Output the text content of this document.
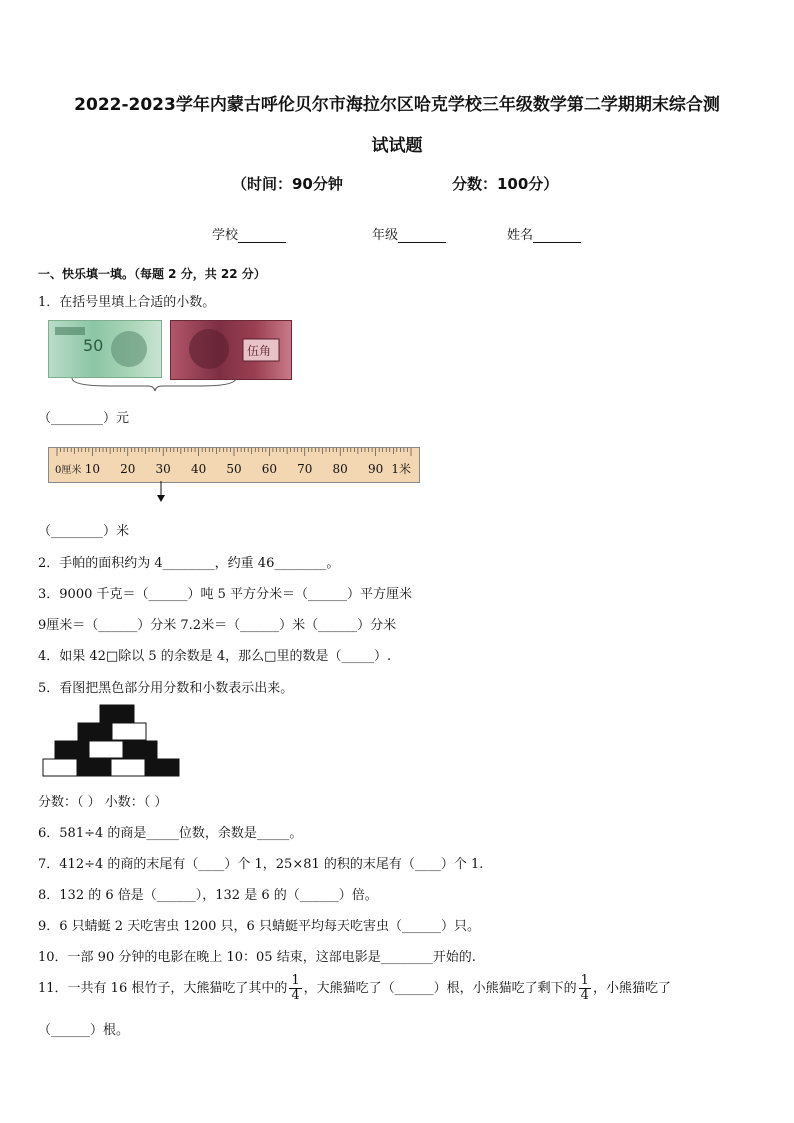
2022-2023学年内蒙古呼伦贝尔市海拉尔区哈克学校三年级数学第二学期期末综合测
试试题
（时间：90分钟	分数：100分）
学校	年级	姓名
一、快乐填一填。（每题 2 分，共 22 分）
1．在括号里填上合适的小数。
50	伍角
（________）元
0厘米 10 20 30 40 50 60 70 80 90 1米
（________）米
2．手帕的面积约为 4________，约重 46________。
3．9000 千克＝（______）吨 5 平方分米＝（______）平方厘米
9厘米＝（______）分米 7.2米＝（______）米（______）分米
4．如果 42□除以 5 的余数是 4，那么□里的数是（_____）.
5．看图把黑色部分用分数和小数表示出来。
分数：（ ） 小数：（ ）
6．581÷4 的商是_____位数，余数是_____。
7．412÷4 的商的末尾有（____）个 1，25×81 的积的末尾有（____）个 1.
8．132 的 6 倍是（______），132 是 6 的（______）倍。
9．6 只蜻蜓 2 天吃害虫 1200 只，6 只蜻蜓平均每天吃害虫（______）只。
10．一部 90 分钟的电影在晚上 10：05 结束，这部电影是________开始的.
11．一共有 16 根竹子，大熊猫吃了其中的 $\frac{1}{4}$ ，大熊猫吃了（______）根，小熊猫吃了剩下的 $\frac{1}{4}$ ，小熊猫吃了
（______）根。
